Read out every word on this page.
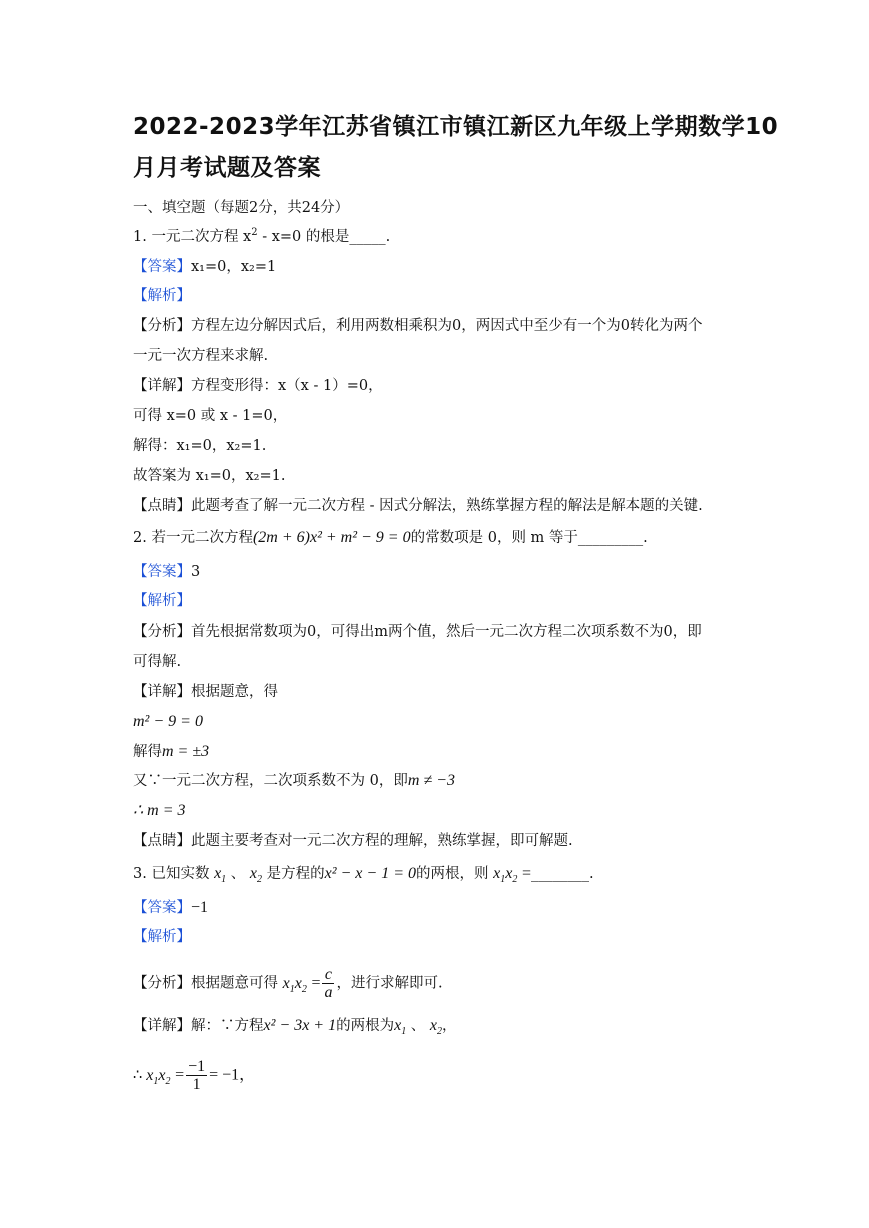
2022-2023学年江苏省镇江市镇江新区九年级上学期数学10
月月考试题及答案
一、填空题（每题2分，共24分）
1. 一元二次方程 $x^2 - x=0$ 的根是_____.
【答案】x₁=0，x₂=1
【解析】
【分析】方程左边分解因式后，利用两数相乘积为0，两因式中至少有一个为0转化为两个
一元一次方程来求解.
【详解】方程变形得：x（x - 1）=0，
可得 x=0 或 x - 1=0，
解得：x₁=0，x₂=1.
故答案为 x₁=0，x₂=1.
【点睛】此题考查了解一元二次方程 - 因式分解法，熟练掌握方程的解法是解本题的关键.
2. 若一元二次方程(2m + 6)x² + m² − 9 = 0的常数项是 0，则 m 等于_________.
【答案】3
【解析】
【分析】首先根据常数项为0，可得出m两个值，然后一元二次方程二次项系数不为0，即
可得解.
【详解】根据题意，得
m² − 9 = 0
解得m = ±3
又∵一元二次方程，二次项系数不为 0，即m ≠ −3
∴ m = 3
【点睛】此题主要考查对一元二次方程的理解，熟练掌握，即可解题.
3. 已知实数 $x_1$ 、 $x_2$ 是方程的x² − x − 1 = 0的两根，则 $x_1x_2$ =________.
【答案】−1
【解析】
【分析】根据题意可得 $x_1x_2 = \frac{c}{a}$ ，进行求解即可.
【详解】解：∵方程x² − 3x + 1的两根为$x_1$ 、 $x_2$，
∴ $x_1x_2 = \frac{-1}{1} = -1$，
